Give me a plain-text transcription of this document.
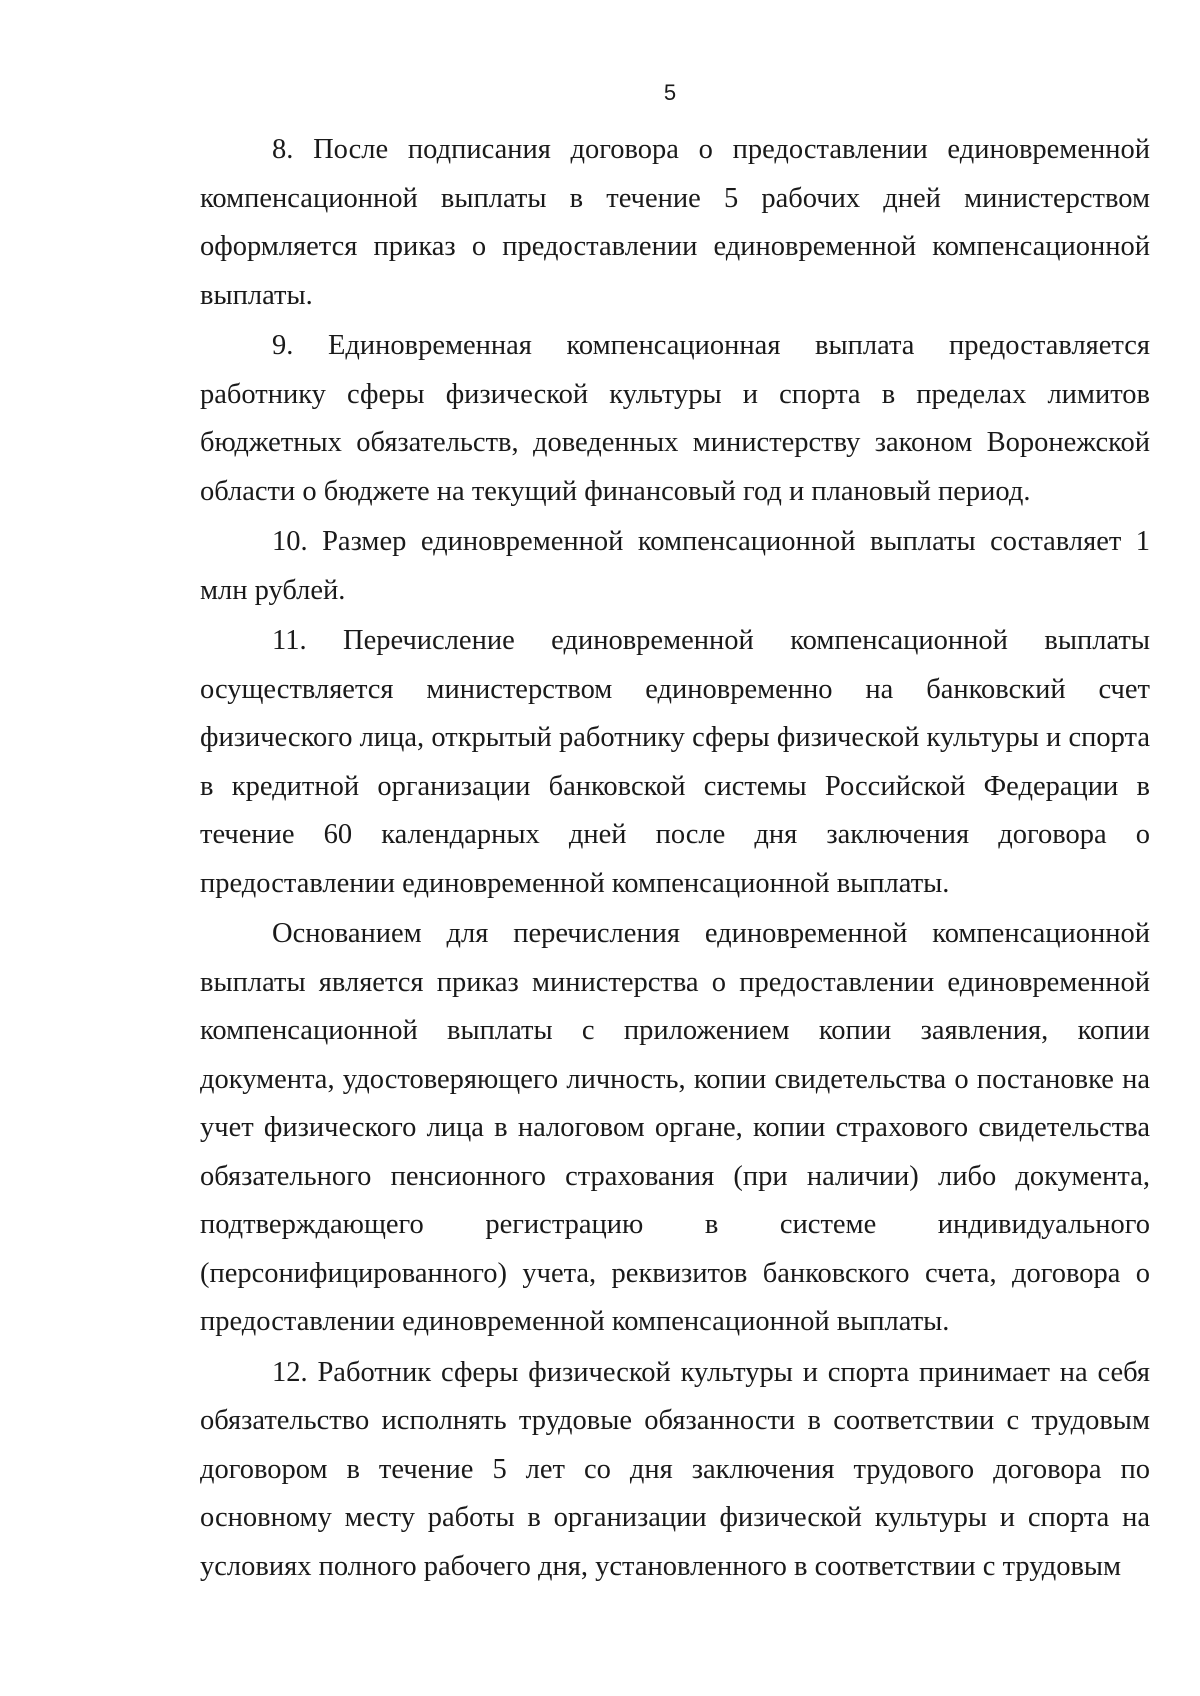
5

8. После подписания договора о предоставлении единовременной компенсационной выплаты в течение 5 рабочих дней министерством оформляется приказ о предоставлении единовременной компенсационной выплаты.

9. Единовременная компенсационная выплата предоставляется работнику сферы физической культуры и спорта в пределах лимитов бюджетных обязательств, доведенных министерству законом Воронежской области о бюджете на текущий финансовый год и плановый период.

10. Размер единовременной компенсационной выплаты составляет 1 млн рублей.

11. Перечисление единовременной компенсационной выплаты осуществляется министерством единовременно на банковский счет физического лица, открытый работнику сферы физической культуры и спорта в кредитной организации банковской системы Российской Федерации в течение 60 календарных дней после дня заключения договора о предоставлении единовременной компенсационной выплаты.

Основанием для перечисления единовременной компенсационной выплаты является приказ министерства о предоставлении единовременной компенсационной выплаты с приложением копии заявления, копии документа, удостоверяющего личность, копии свидетельства о постановке на учет физического лица в налоговом органе, копии страхового свидетельства обязательного пенсионного страхования (при наличии) либо документа, подтверждающего регистрацию в системе индивидуального (персонифицированного) учета, реквизитов банковского счета, договора о предоставлении единовременной компенсационной выплаты.

12. Работник сферы физической культуры и спорта принимает на себя обязательство исполнять трудовые обязанности в соответствии с трудовым договором в течение 5 лет со дня заключения трудового договора по основному месту работы в организации физической культуры и спорта на условиях полного рабочего дня, установленного в соответствии с трудовым
